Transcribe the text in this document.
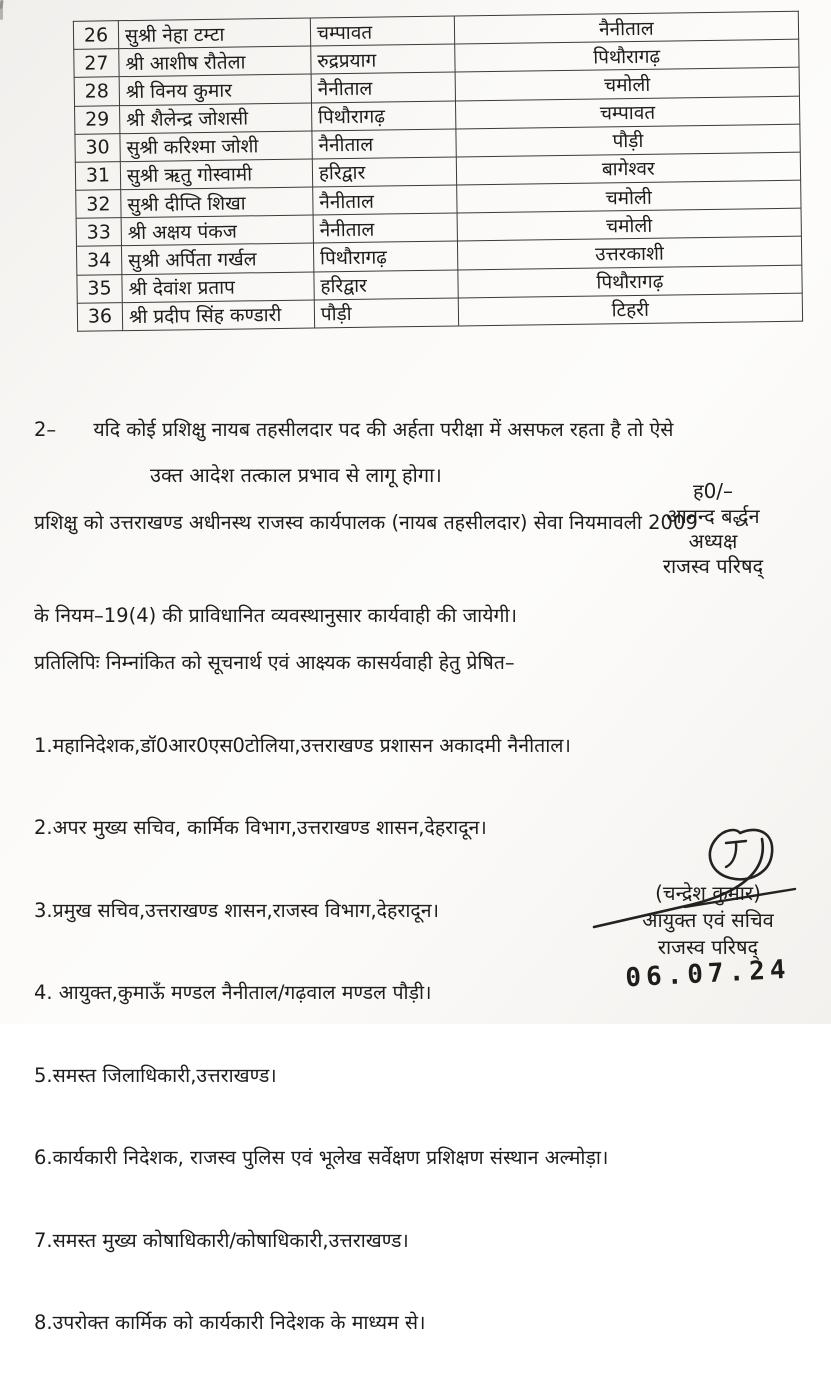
26	सुश्री नेहा टम्टा	चम्पावत	नैनीताल
27	श्री आशीष रौतेला	रुद्रप्रयाग	पिथौरागढ़
28	श्री विनय कुमार	नैनीताल	चमोली
29	श्री शैलेन्द्र जोशसी	पिथौरागढ़	चम्पावत
30	सुश्री करिश्मा जोशी	नैनीताल	पौड़ी
31	सुश्री ऋतु गोस्वामी	हरिद्वार	बागेश्वर
32	सुश्री दीप्ति शिखा	नैनीताल	चमोली
33	श्री अक्षय पंकज	नैनीताल	चमोली
34	सुश्री अर्पिता गर्खल	पिथौरागढ़	उत्तरकाशी
35	श्री देवांश प्रताप	हरिद्वार	पिथौरागढ़
36	श्री प्रदीप सिंह कण्डारी	पौड़ी	टिहरी

2–      यदि कोई प्रशिक्षु नायब तहसीलदार पद की अर्हता परीक्षा में असफल रहता है तो ऐसे

प्रशिक्षु को उत्तराखण्ड अधीनस्थ राजस्व कार्यपालक (नायब तहसीलदार) सेवा नियमावली 2009

के नियम–19(4) की प्राविधानित व्यवस्थानुसार कार्यवाही की जायेगी।

उक्त आदेश तत्काल प्रभाव से लागू होगा।
ह0/–
आनन्द बर्द्धन
अध्यक्ष
राजस्व परिषद्

प्रतिलिपिः निम्नांकित को सूचनार्थ एवं आक्ष्यक कासर्यवाही हेतु प्रेषित–

1.महानिदेशक,डॉ0आर0एस0टोलिया,उत्तराखण्ड प्रशासन अकादमी नैनीताल।

2.अपर मुख्य सचिव, कार्मिक विभाग,उत्तराखण्ड शासन,देहरादून।

3.प्रमुख सचिव,उत्तराखण्ड शासन,राजस्व विभाग,देहरादून।

4. आयुक्त,कुमाऊँ मण्डल नैनीताल/गढ़वाल मण्डल पौड़ी।

5.समस्त जिलाधिकारी,उत्तराखण्ड।

6.कार्यकारी निदेशक, राजस्व पुलिस एवं भूलेख सर्वेक्षण प्रशिक्षण संस्थान अल्मोड़ा।

7.समस्त मुख्य कोषाधिकारी/कोषाधिकारी,उत्तराखण्ड।

8.उपरोक्त कार्मिक को कार्यकारी निदेशक के माध्यम से।

(चन्द्रेश कुमार)
आयुक्त एवं सचिव
राजस्व परिषद्
06.07.24
